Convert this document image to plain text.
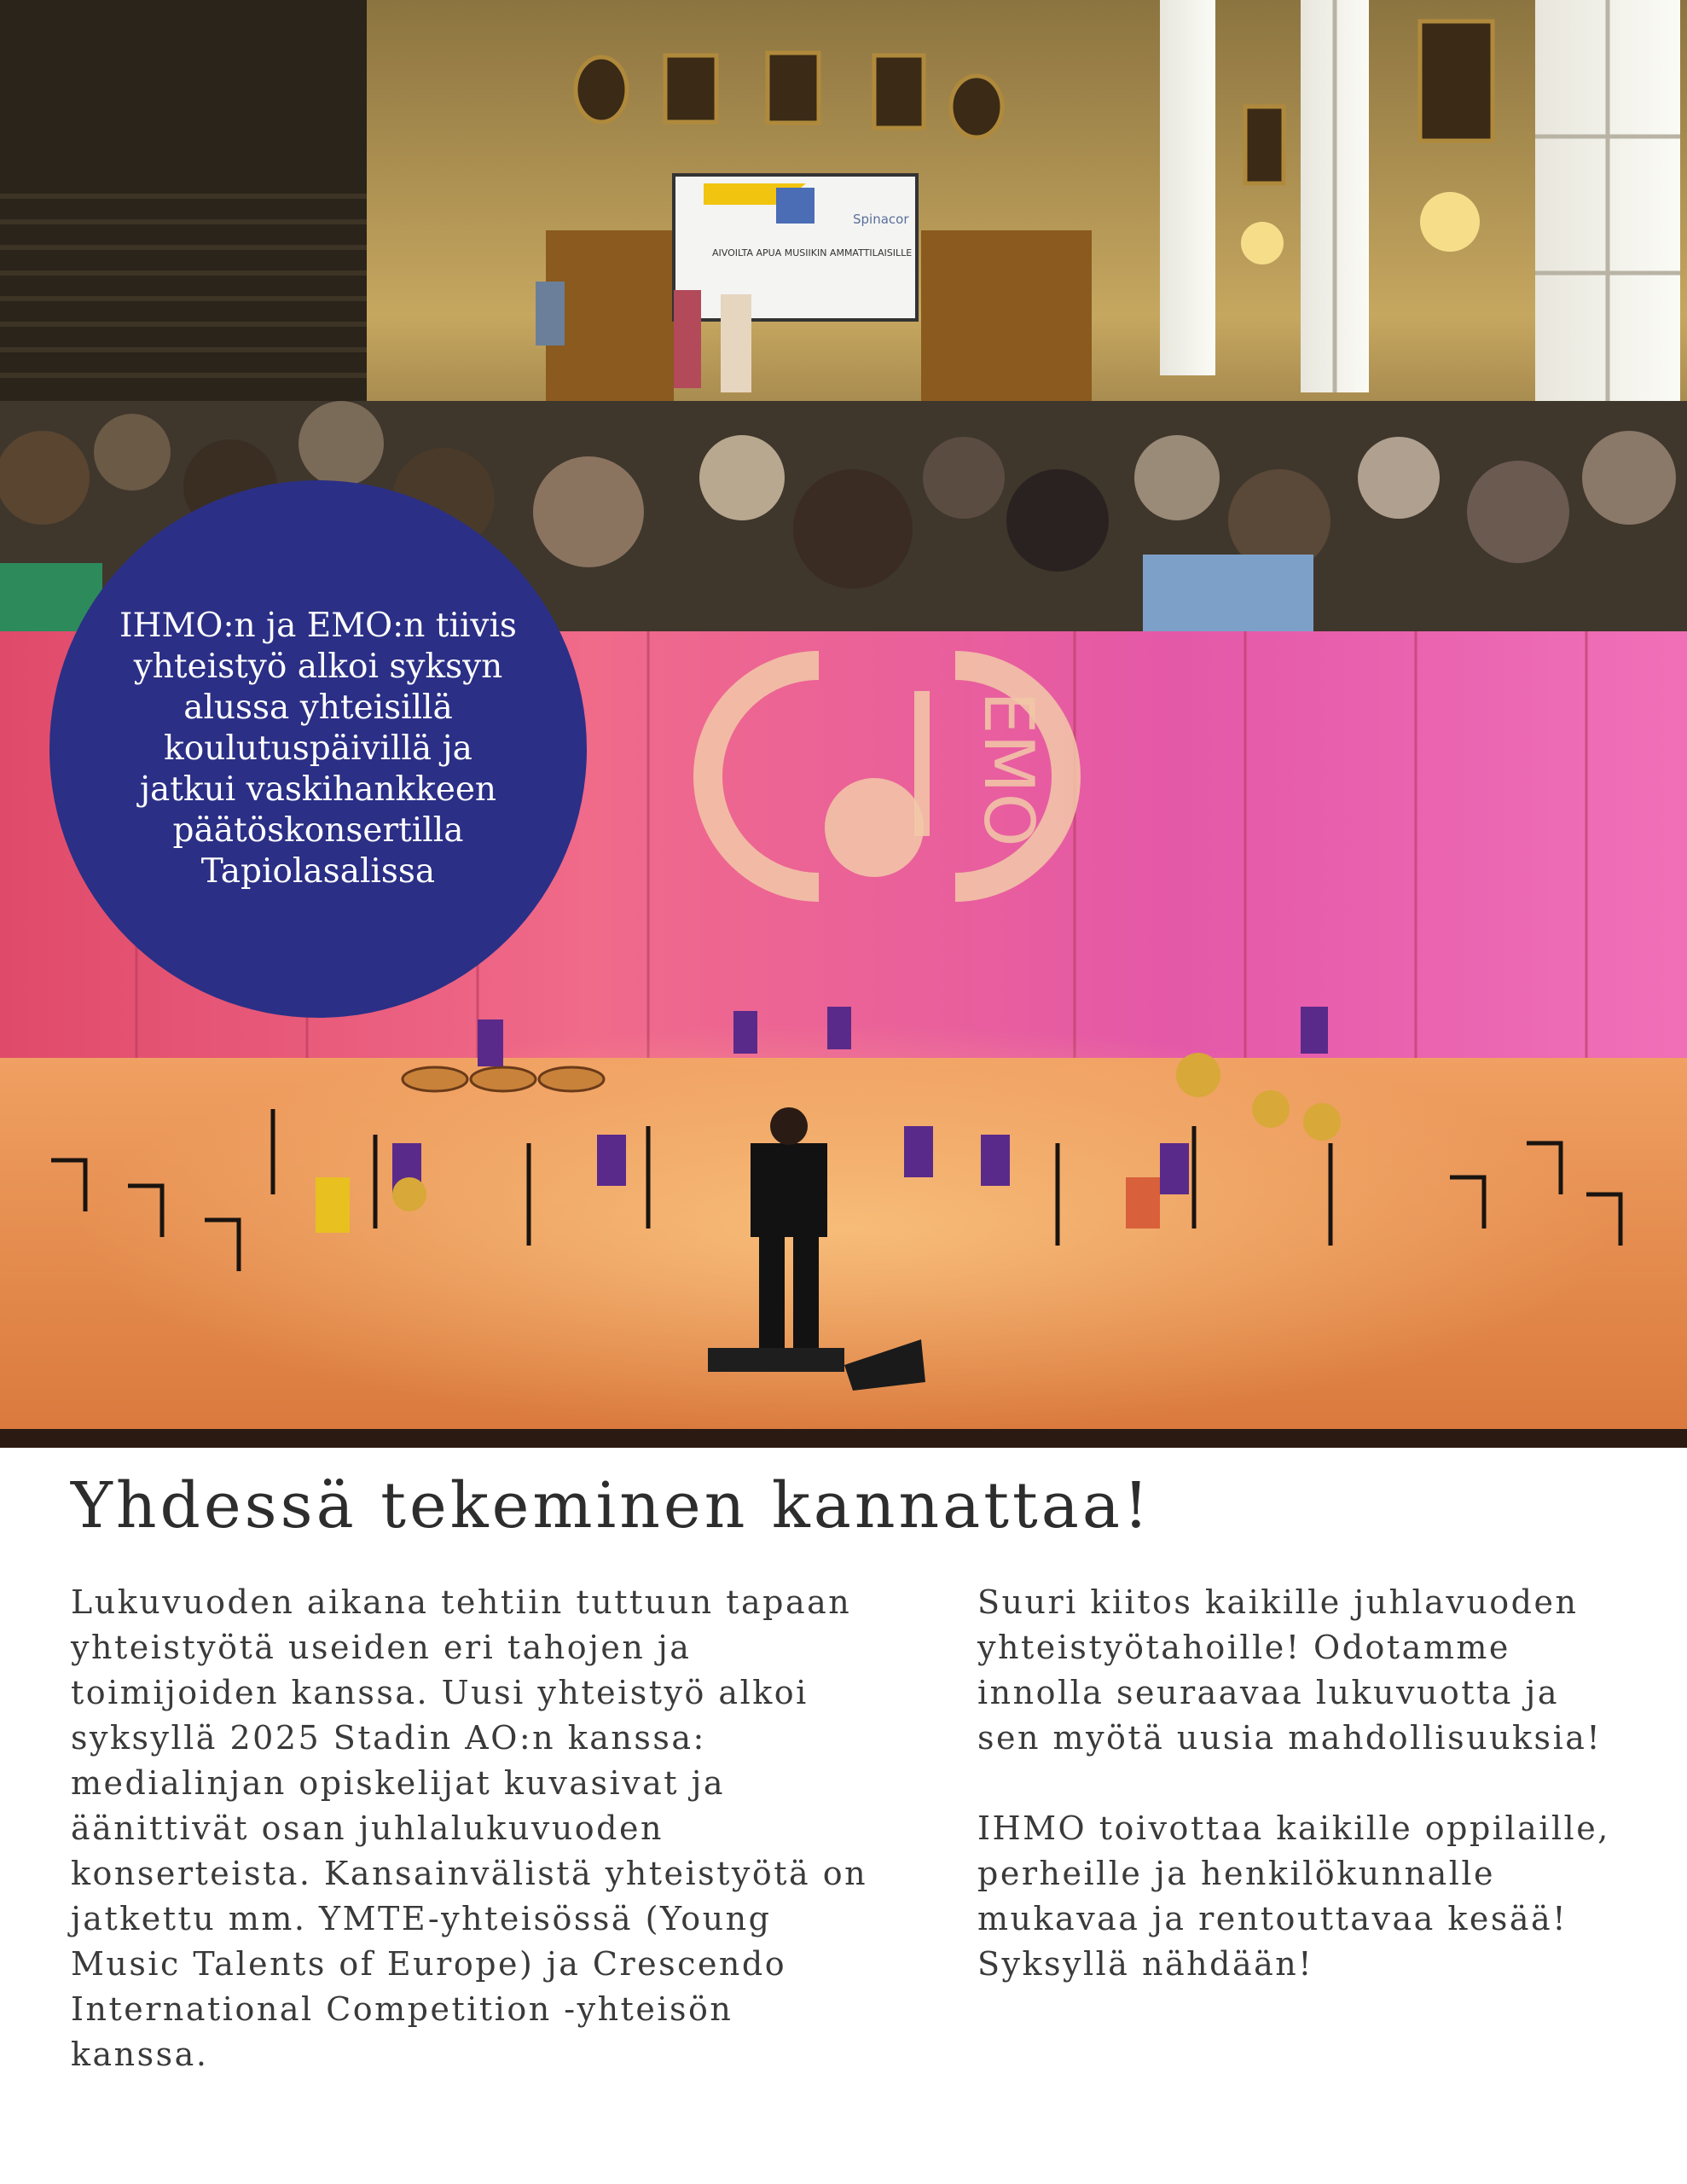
Spinacor
AIVOILTA APUA MUSIIKIN AMMATTILAISILLE
EMO

IHMO:n ja EMO:n tiivis
yhteistyö alkoi syksyn
alussa yhteisillä
koulutuspäivillä ja
jatkui vaskihankkeen
päätöskonsertilla
Tapiolasalissa

Yhdessä tekeminen kannattaa!
Lukuvuoden aikana tehtiin tuttuun tapaan
yhteistyötä useiden eri tahojen ja
toimijoiden kanssa. Uusi yhteistyö alkoi
syksyllä 2025 Stadin AO:n kanssa:
medialinjan opiskelijat kuvasivat ja
äänittivät osan juhlalukuvuoden
konserteista. Kansainvälistä yhteistyötä on
jatkettu mm. YMTE-yhteisössä (Young
Music Talents of Europe) ja Crescendo
International Competition -yhteisön
kanssa.
Suuri kiitos kaikille juhlavuoden
yhteistyötahoille! Odotamme
innolla seuraavaa lukuvuotta ja
sen myötä uusia mahdollisuuksia!
IHMO toivottaa kaikille oppilaille,
perheille ja henkilökunnalle
mukavaa ja rentouttavaa kesää!
Syksyllä nähdään!
